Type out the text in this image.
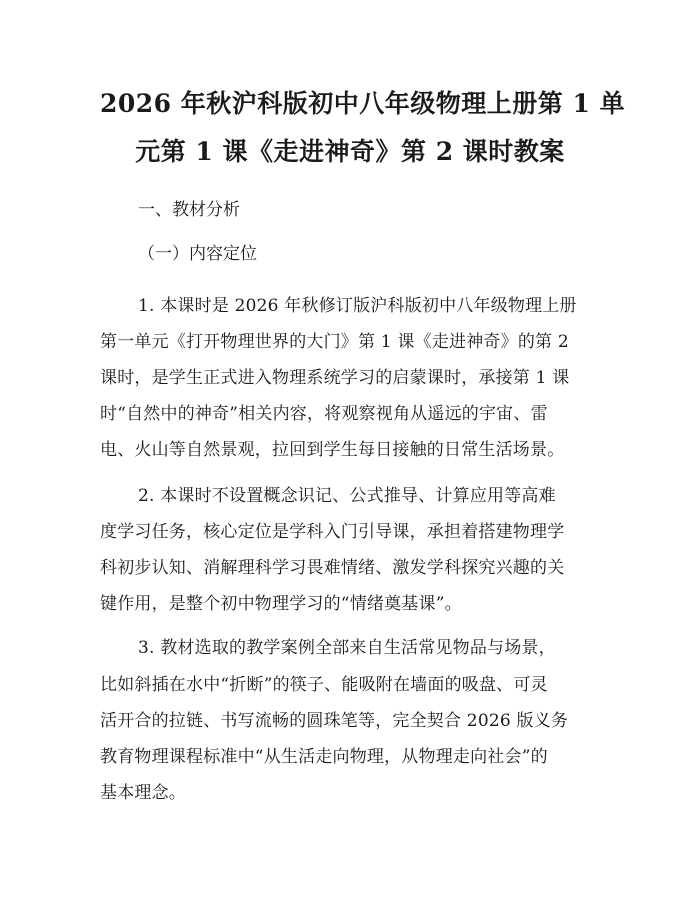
2026 年秋沪科版初中八年级物理上册第 1 单
元第 1 课《走进神奇》第 2 课时教案

一、教材分析

（一）内容定位

1. 本课时是 2026 年秋修订版沪科版初中八年级物理上册

第一单元《打开物理世界的大门》第 1 课《走进神奇》的第 2

课时，是学生正式进入物理系统学习的启蒙课时，承接第 1 课

时“自然中的神奇”相关内容，将观察视角从遥远的宇宙、雷

电、火山等自然景观，拉回到学生每日接触的日常生活场景。

2. 本课时不设置概念识记、公式推导、计算应用等高难

度学习任务，核心定位是学科入门引导课，承担着搭建物理学

科初步认知、消解理科学习畏难情绪、激发学科探究兴趣的关

键作用，是整个初中物理学习的“情绪奠基课”。

3. 教材选取的教学案例全部来自生活常见物品与场景，

比如斜插在水中“折断”的筷子、能吸附在墙面的吸盘、可灵

活开合的拉链、书写流畅的圆珠笔等，完全契合 2026 版义务

教育物理课程标准中“从生活走向物理，从物理走向社会”的

基本理念。
